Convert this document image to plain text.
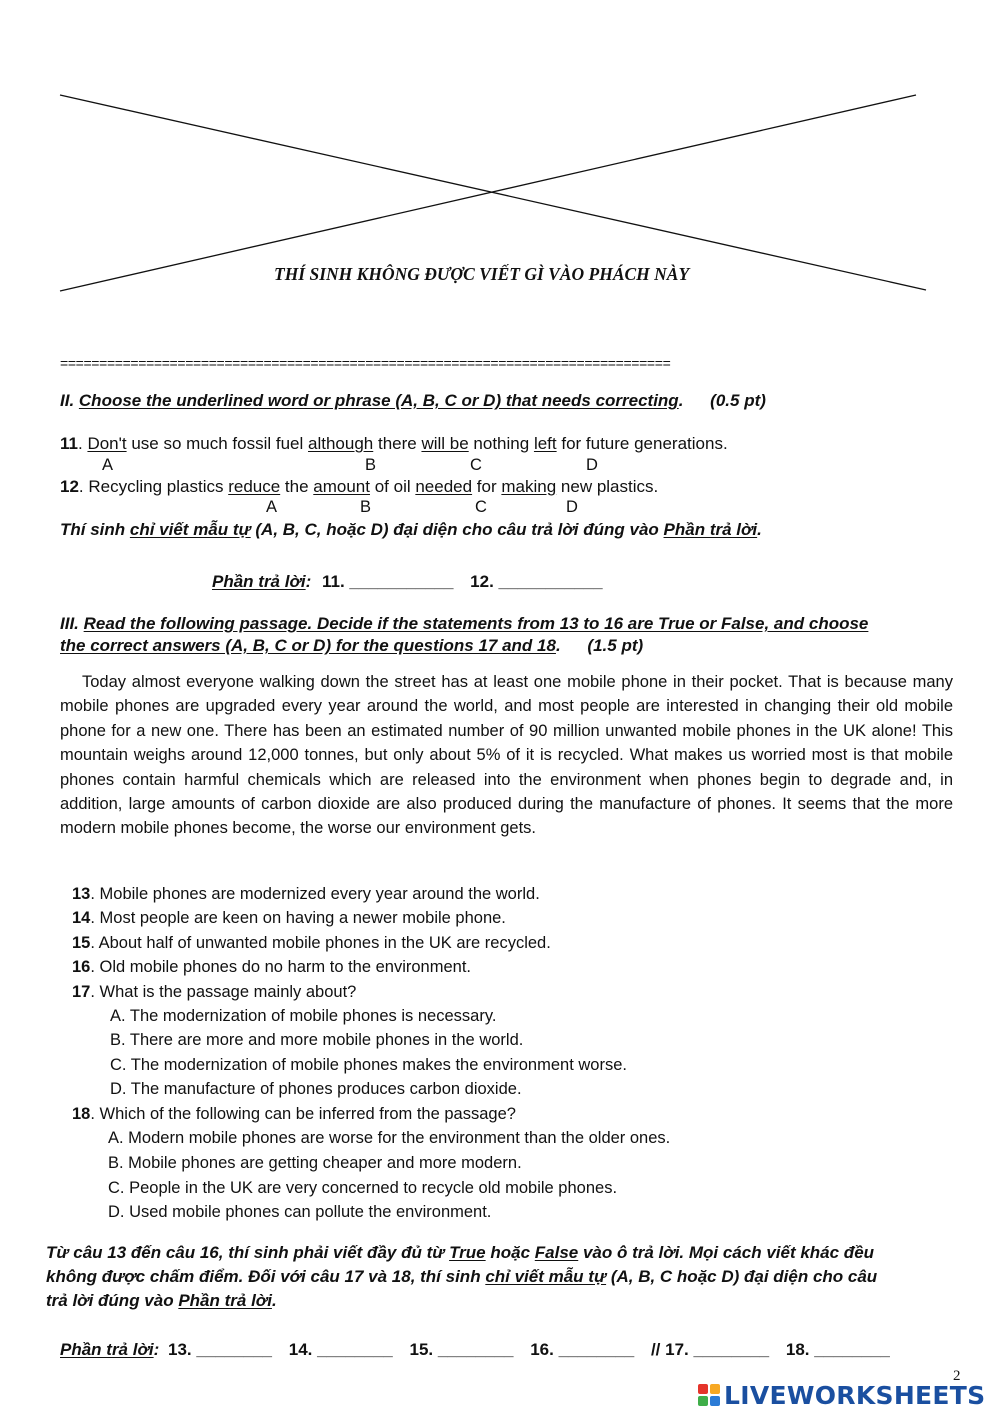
THÍ SINH KHÔNG ĐƯỢC VIẾT GÌ VÀO PHÁCH NÀY
==============================================================================
II. Choose the underlined word or phrase (A, B, C or D) that needs correcting. (0.5 pt)
11. Don't use so much fossil fuel although there will be nothing left for future generations.
A	B	C	D
12. Recycling plastics reduce the amount of oil needed for making new plastics.
A	B	C	D
Thí sinh chỉ viết mẫu tự (A, B, C, hoặc D) đại diện cho câu trả lời đúng vào Phần trả lời.
Phần trả lời: 11. ___________ 12. ___________
III. Read the following passage. Decide if the statements from 13 to 16 are True or False, and choose
the correct answers (A, B, C or D) for the questions 17 and 18. (1.5 pt)
Today almost everyone walking down the street has at least one mobile phone in their pocket. That is because many mobile phones are upgraded every year around the world, and most people are interested in changing their old mobile phone for a new one. There has been an estimated number of 90 million unwanted mobile phones in the UK alone! This mountain weighs around 12,000 tonnes, but only about 5% of it is recycled. What makes us worried most is that mobile phones contain harmful chemicals which are released into the environment when phones begin to degrade and, in addition, large amounts of carbon dioxide are also produced during the manufacture of phones. It seems that the more modern mobile phones become, the worse our environment gets.
13. Mobile phones are modernized every year around the world.
14. Most people are keen on having a newer mobile phone.
15. About half of unwanted mobile phones in the UK are recycled.
16. Old mobile phones do no harm to the environment.
17. What is the passage mainly about?
A. The modernization of mobile phones is necessary.
B. There are more and more mobile phones in the world.
C. The modernization of mobile phones makes the environment worse.
D. The manufacture of phones produces carbon dioxide.
18. Which of the following can be inferred from the passage?
A. Modern mobile phones are worse for the environment than the older ones.
B. Mobile phones are getting cheaper and more modern.
C. People in the UK are very concerned to recycle old mobile phones.
D. Used mobile phones can pollute the environment.
Từ câu 13 đến câu 16, thí sinh phải viết đầy đủ từ True hoặc False vào ô trả lời. Mọi cách viết khác đều
không được chấm điểm. Đối với câu 17 và 18, thí sinh chỉ viết mẫu tự (A, B, C hoặc D) đại diện cho câu
trả lời đúng vào Phần trả lời.
Phần trả lời: 13. ________ 14. ________ 15. ________ 16. ________ // 17. ________ 18. ________
2
LIVEWORKSHEETS
